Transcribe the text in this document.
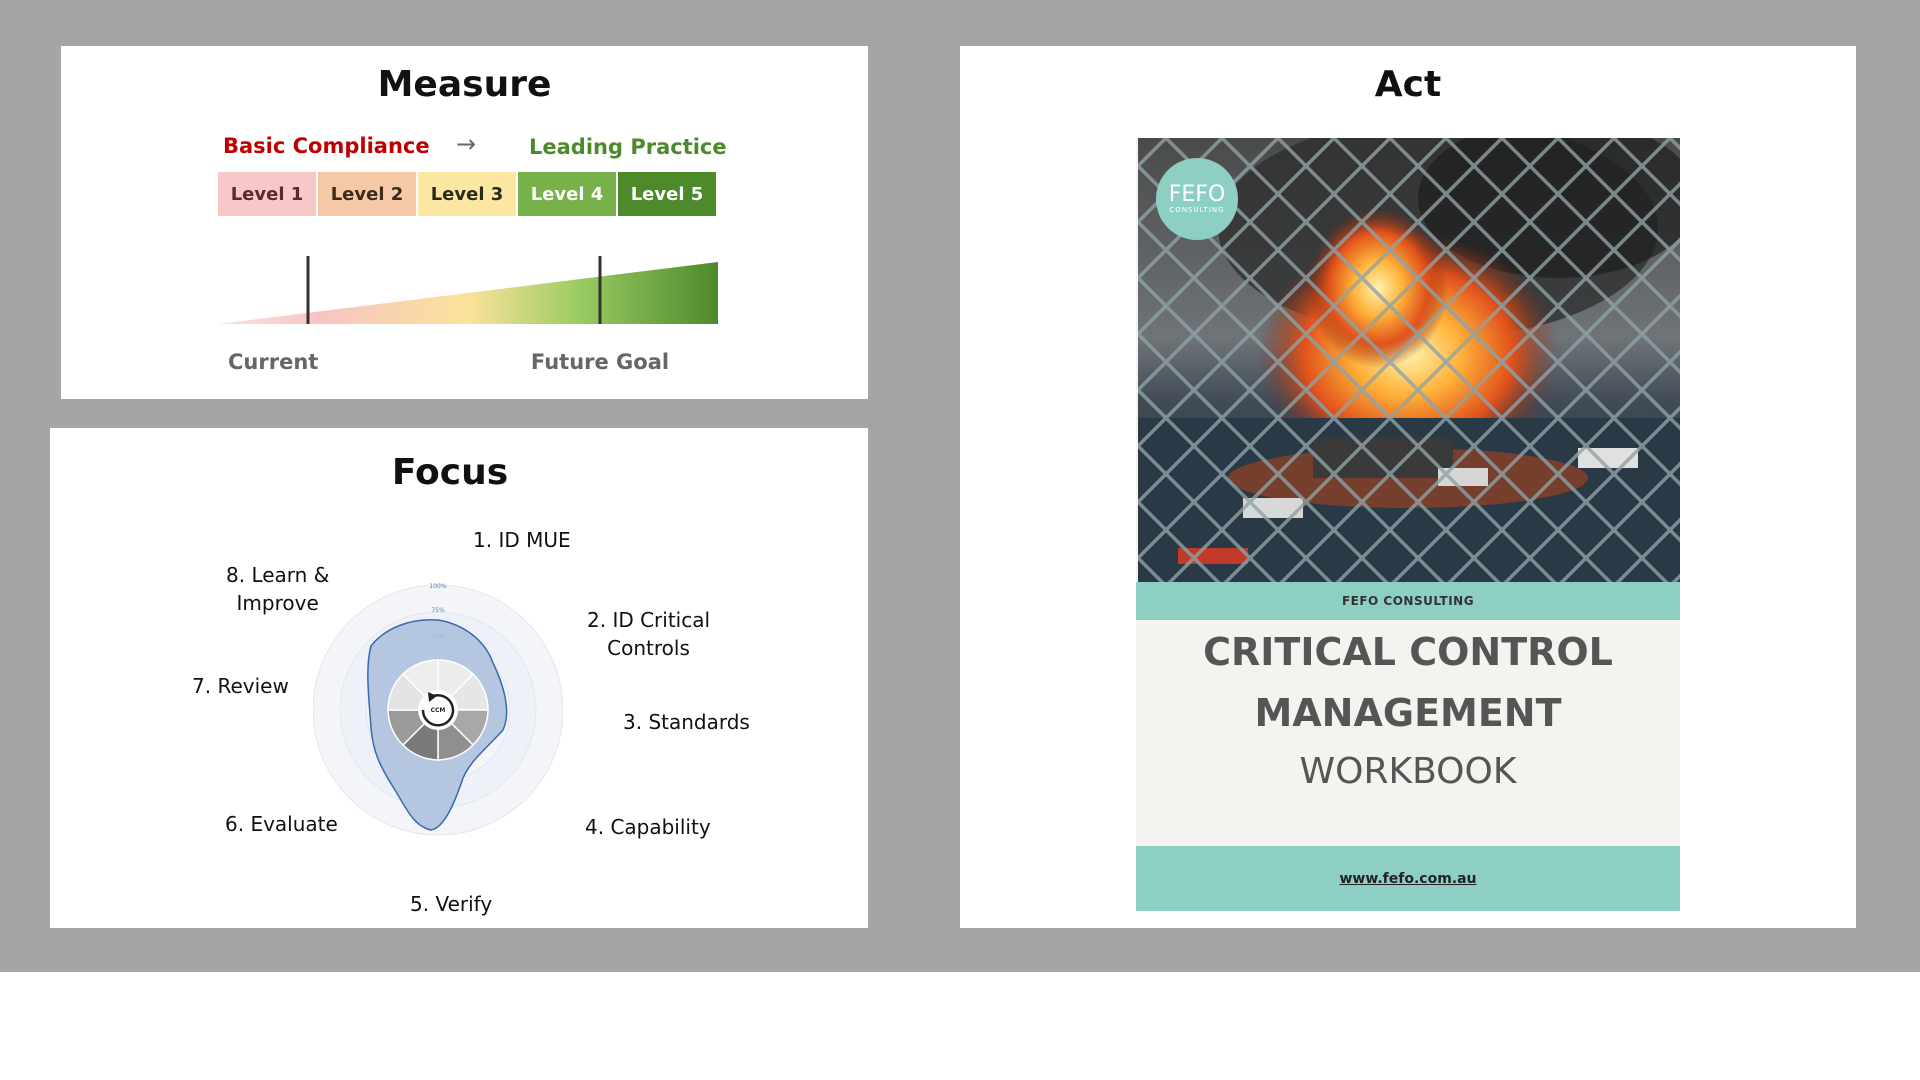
Measure
Basic Compliance →	Leading Practice
Level 1 Level 2 Level 3 Level 4 Level 5
Current	Future Goal
Focus
100%
75%
CCM
1. ID MUE
2. ID Critical
Controls
3. Standards
4. Capability
5. Verify
6. Evaluate
7. Review
8. Learn &
Improve
Act
FEFO
CONSULTING
FEFO CONSULTING
CRITICAL CONTROL
MANAGEMENT
WORKBOOK
www.fefo.com.au
